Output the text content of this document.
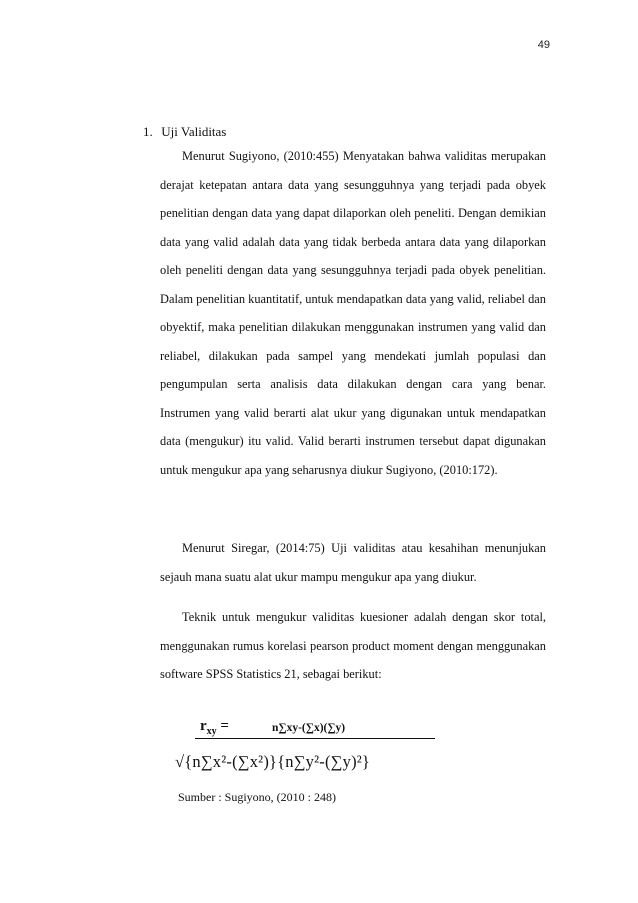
49
1. Uji Validitas

Menurut Sugiyono, (2010:455) Menyatakan bahwa validitas merupakan derajat ketepatan antara data yang sesungguhnya yang terjadi pada obyek penelitian dengan data yang dapat dilaporkan oleh peneliti. Dengan demikian data yang valid adalah data yang tidak berbeda antara data yang dilaporkan oleh peneliti dengan data yang sesungguhnya terjadi pada obyek penelitian. Dalam penelitian kuantitatif, untuk mendapatkan data yang valid, reliabel dan obyektif, maka penelitian dilakukan menggunakan instrumen yang valid dan reliabel, dilakukan pada sampel yang mendekati jumlah populasi dan pengumpulan serta analisis data dilakukan dengan cara yang benar. Instrumen yang valid berarti alat ukur yang digunakan untuk mendapatkan data (mengukur) itu valid. Valid berarti instrumen tersebut dapat digunakan untuk mengukur apa yang seharusnya diukur Sugiyono, (2010:172).

Menurut Siregar, (2014:75) Uji validitas atau kesahihan menunjukan sejauh mana suatu alat ukur mampu mengukur apa yang diukur.

Teknik untuk mengukur validitas kuesioner adalah dengan skor total, menggunakan rumus korelasi pearson product moment dengan menggunakan software SPSS Statistics 21, sebagai berikut:

$r_{xy}$ =	n∑xy-(∑x)(∑y)
√{n∑x²-(∑x²)}{n∑y²-(∑y)²}
Sumber : Sugiyono, (2010 : 248)
